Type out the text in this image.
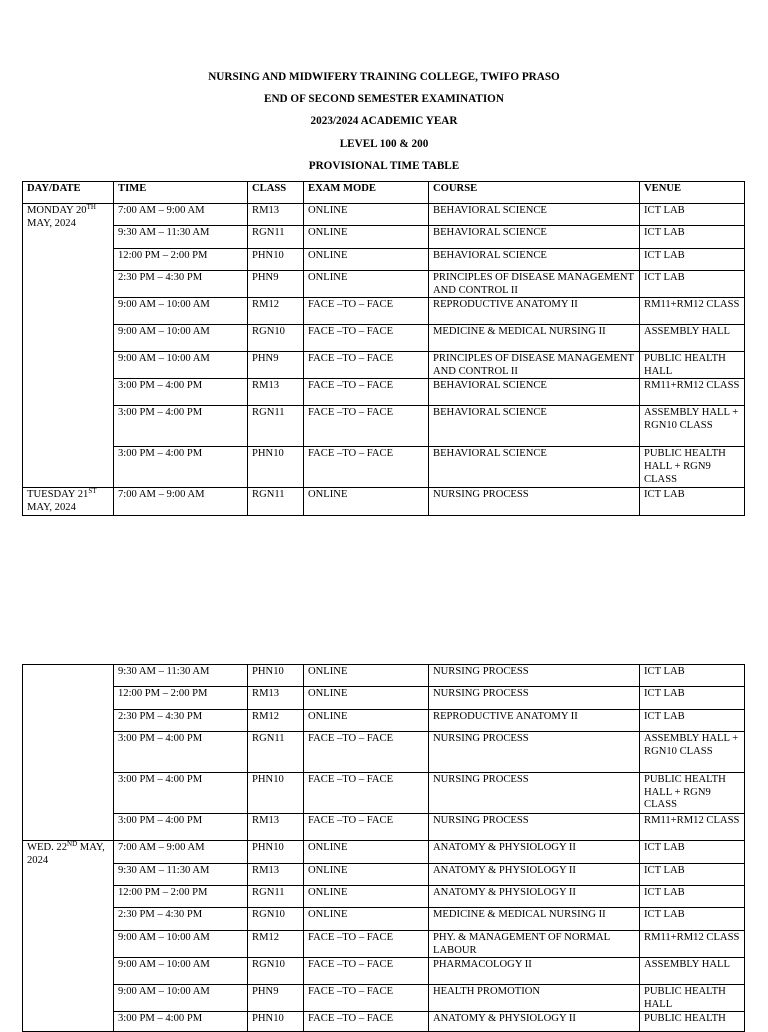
NURSING AND MIDWIFERY TRAINING COLLEGE, TWIFO PRASO
END OF SECOND SEMESTER EXAMINATION
2023/2024 ACADEMIC YEAR
LEVEL 100 & 200
PROVISIONAL TIME TABLE
DAY/DATE	TIME	CLASS	EXAM MODE	COURSE	VENUE
MONDAY 20TH MAY, 2024	7:00 AM – 9:00 AM	RM13	ONLINE	BEHAVIORAL SCIENCE	ICT LAB
	9:30 AM – 11:30 AM	RGN11	ONLINE	BEHAVIORAL SCIENCE	ICT LAB
	12:00 PM – 2:00 PM	PHN10	ONLINE	BEHAVIORAL SCIENCE	ICT LAB
	2:30 PM – 4:30 PM	PHN9	ONLINE	PRINCIPLES OF DISEASE MANAGEMENT AND CONTROL II	ICT LAB
	9:00 AM – 10:00 AM	RM12	FACE –TO – FACE	REPRODUCTIVE ANATOMY II	RM11+RM12 CLASS
	9:00 AM – 10:00 AM	RGN10	FACE –TO – FACE	MEDICINE & MEDICAL NURSING II	ASSEMBLY HALL
	9:00 AM – 10:00 AM	PHN9	FACE –TO – FACE	PRINCIPLES OF DISEASE MANAGEMENT AND CONTROL II	PUBLIC HEALTH HALL
	3:00 PM – 4:00 PM	RM13	FACE –TO – FACE	BEHAVIORAL SCIENCE	RM11+RM12 CLASS
	3:00 PM – 4:00 PM	RGN11	FACE –TO – FACE	BEHAVIORAL SCIENCE	ASSEMBLY HALL + RGN10 CLASS
	3:00 PM – 4:00 PM	PHN10	FACE –TO – FACE	BEHAVIORAL SCIENCE	PUBLIC HEALTH HALL + RGN9 CLASS
TUESDAY 21ST MAY, 2024	7:00 AM – 9:00 AM	RGN11	ONLINE	NURSING PROCESS	ICT LAB
	9:30 AM – 11:30 AM	PHN10	ONLINE	NURSING PROCESS	ICT LAB
	12:00 PM – 2:00 PM	RM13	ONLINE	NURSING PROCESS	ICT LAB
	2:30 PM – 4:30 PM	RM12	ONLINE	REPRODUCTIVE ANATOMY II	ICT LAB
	3:00 PM – 4:00 PM	RGN11	FACE –TO – FACE	NURSING PROCESS	ASSEMBLY HALL + RGN10 CLASS
	3:00 PM – 4:00 PM	PHN10	FACE –TO – FACE	NURSING PROCESS	PUBLIC HEALTH HALL + RGN9 CLASS
	3:00 PM – 4:00 PM	RM13	FACE –TO – FACE	NURSING PROCESS	RM11+RM12 CLASS
WED. 22ND MAY, 2024	7:00 AM – 9:00 AM	PHN10	ONLINE	ANATOMY & PHYSIOLOGY II	ICT LAB
	9:30 AM – 11:30 AM	RM13	ONLINE	ANATOMY & PHYSIOLOGY II	ICT LAB
	12:00 PM – 2:00 PM	RGN11	ONLINE	ANATOMY & PHYSIOLOGY II	ICT LAB
	2:30 PM – 4:30 PM	RGN10	ONLINE	MEDICINE & MEDICAL NURSING II	ICT LAB
	9:00 AM – 10:00 AM	RM12	FACE –TO – FACE	PHY. & MANAGEMENT OF NORMAL LABOUR	RM11+RM12 CLASS
	9:00 AM – 10:00 AM	RGN10	FACE –TO – FACE	PHARMACOLOGY II	ASSEMBLY HALL
	9:00 AM – 10:00 AM	PHN9	FACE –TO – FACE	HEALTH PROMOTION	PUBLIC HEALTH HALL
	3:00 PM – 4:00 PM	PHN10	FACE –TO – FACE	ANATOMY & PHYSIOLOGY II	PUBLIC HEALTH
